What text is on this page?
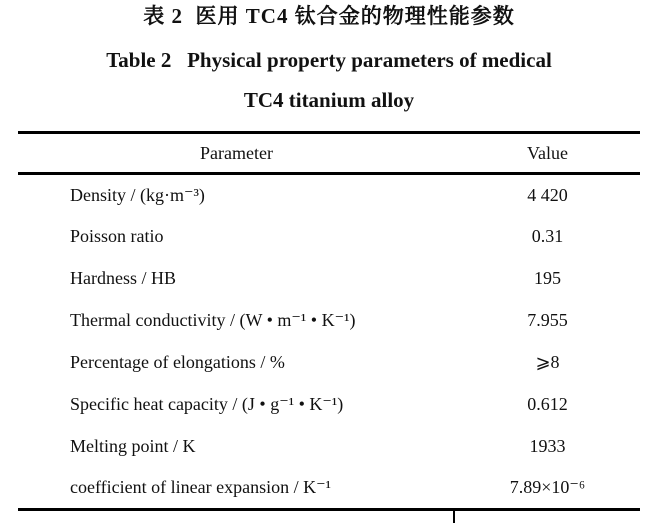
表 2  医用 TC4 钛合金的物理性能参数
Table 2   Physical property parameters of medical
TC4 titanium alloy
Parameter	Value
Density / (kg·m⁻³)	4 420
Poisson ratio	0.31
Hardness / HB	195
Thermal conductivity / (W • m⁻¹ • K⁻¹)	7.955
Percentage of elongations / %	⩾8
Specific heat capacity / (J • g⁻¹ • K⁻¹)	0.612
Melting point / K	1933
coefficient of linear expansion / K⁻¹	7.89×10⁻⁶
